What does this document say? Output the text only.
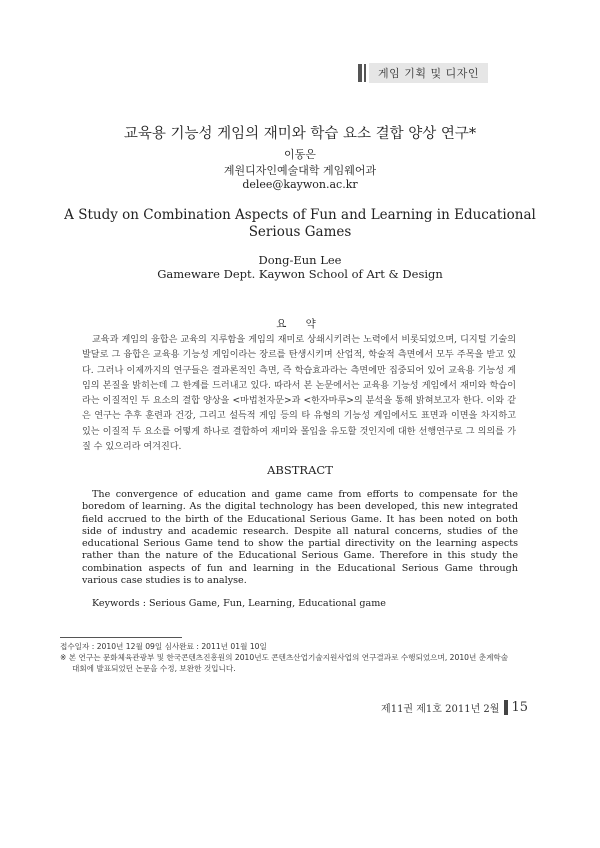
게임 기획 및 디자인
교육용 기능성 게임의 재미와 학습 요소 결합 양상 연구*
이동은
계원디자인예술대학 게임웨어과
delee@kaywon.ac.kr
A Study on Combination Aspects of Fun and Learning in Educational Serious Games
Dong-Eun Lee
Gameware Dept. Kaywon School of Art & Design
요 약
교육과 게임의 융합은 교육의 지루함을 게임의 재미로 상쇄시키려는 노력에서 비롯되었으며, 디지털 기술의 발달로 그 융합은 교육용 기능성 게임이라는 장르를 탄생시키며 산업적, 학술적 측면에서 모두 주목을 받고 있다. 그러나 이제까지의 연구들은 결과론적인 측면, 즉 학습효과라는 측면에만 집중되어 있어 교육용 기능성 게임의 본질을 밝히는데 그 한계를 드러내고 있다. 따라서 본 논문에서는 교육용 기능성 게임에서 재미와 학습이라는 이질적인 두 요소의 결합 양상을 <마법천자문>과 <한자마루>의 분석을 통해 밝혀보고자 한다. 이와 같은 연구는 추후 훈련과 건강, 그리고 설득적 게임 등의 타 유형의 기능성 게임에서도 표면과 이면을 차지하고 있는 이질적 두 요소를 어떻게 하나로 결합하여 재미와 몰입을 유도할 것인지에 대한 선행연구로 그 의의를 가질 수 있으리라 여겨진다.
ABSTRACT
The convergence of education and game came from efforts to compensate for the boredom of learning. As the digital technology has been developed, this new integrated field accrued to the birth of the Educational Serious Game. It has been noted on both side of industry and academic research. Despite all natural concerns, studies of the educational Serious Game tend to show the partial directivity on the learning aspects rather than the nature of the Educational Serious Game. Therefore in this study the combination aspects of fun and learning in the Educational Serious Game through various case studies is to analyse.
Keywords : Serious Game, Fun, Learning, Educational game
접수일자 : 2010년 12월 09일 심사완료 : 2011년 01월 10일
※ 본 연구는 문화체육관광부 및 한국콘텐츠진흥원의 2010년도 콘텐츠산업기술지원사업의 연구결과로 수행되었으며, 2010년 춘계학술
대회에 발표되었던 논문을 수정, 보완한 것입니다.
제11권 제1호 2011년 2월 15
